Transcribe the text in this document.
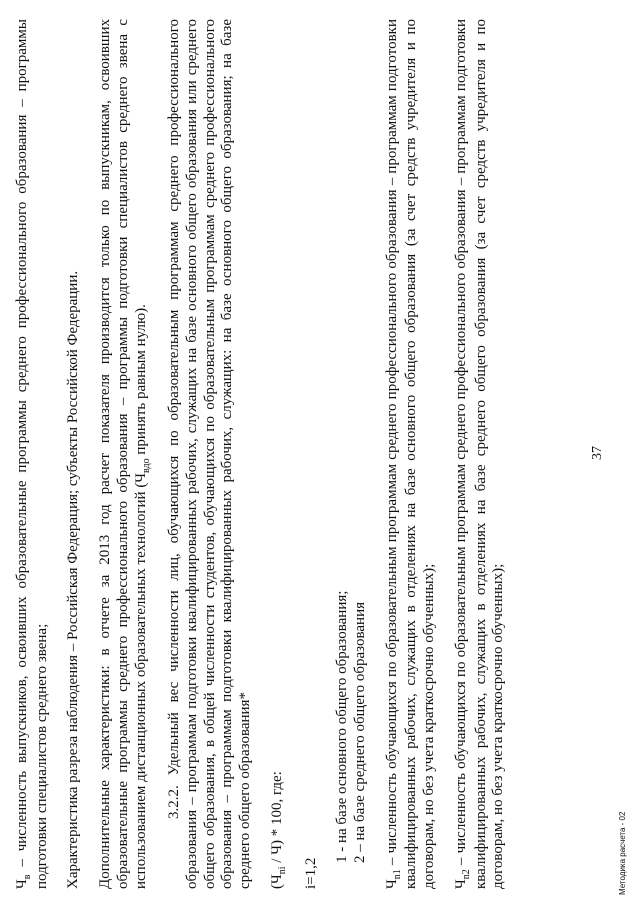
$Ч_в$ – численность выпускников, освоивших образовательные программы среднего профессионального образования – программы подготовки специалистов среднего звена; Характеристика разреза наблюдения – Российская Федерация; субъекты Российской Федерации. Дополнительные характеристики: в отчете за 2013 год расчет показателя производится только по выпускникам, освоивших образовательные программы среднего профессионального образования – программы подготовки специалистов среднего звена с использованием дистанционных образовательных технологий ($Ч_{вдо}$ принять равным нулю). 3.2.2. Удельный вес численности лиц, обучающихся по образовательным программам среднего профессионального образования – программам подготовки квалифицированных рабочих, служащих на базе основного общего образования или среднего общего образования, в общей численности студентов, обучающихся по образовательным программам среднего профессионального образования – программам подготовки квалифицированных рабочих, служащих: на базе основного общего образования; на базе среднего общего образования* $(Ч_{ni} / Ч) * 100$, где:

i=1,2

1 - на базе основного общего образования; 2 – на базе среднего общего образования

$Ч_{n1}$ – численность обучающихся по образовательным программам среднего профессионального образования – программам подготовки квалифицированных рабочих, служащих в отделениях на базе основного общего образования (за счет средств учредителя и по договорам, но без учета краткосрочно обученных); $Ч_{n2}$ – численность обучающихся по образовательным программам среднего профессионального образования – программам подготовки квалифицированных рабочих, служащих в отделениях на базе среднего общего образования (за счет средств учредителя и по договорам, но без учета краткосрочно обученных);

37
Методика расчета - 02
